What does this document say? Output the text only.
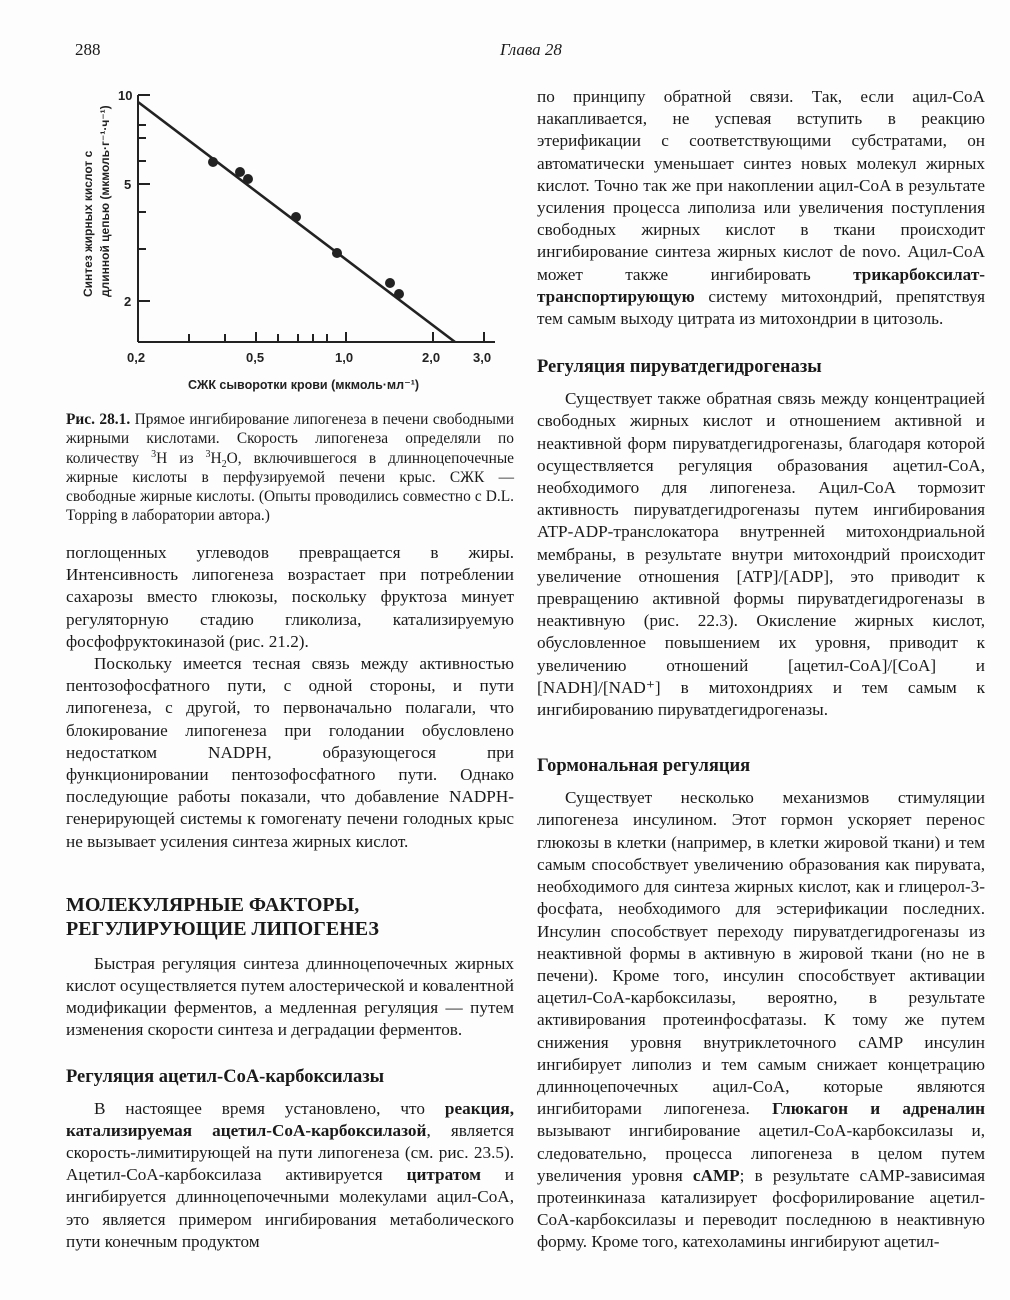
288	Глава 28
10
5
2
0,2	0,5	1,0	2,0	3,0
СЖК сыворотки крови (мкмоль·мл⁻¹)
Синтез жирных кислот с длинной цепью (мкмоль·г⁻¹·ч⁻¹)
Рис. 28.1. Прямое ингибирование липогенеза в печени свободными жирными кислотами. Скорость липогенеза определяли по количеству $^3$H из $^3H_2O$, включившегося в длинноцепочечные жирные кислоты в перфузируемой печени крыс. СЖК — свободные жирные кислоты. (Опыты проводились совместно с D.L. Topping в лаборатории автора.)

поглощенных углеводов превращается в жиры. Интенсивность липогенеза возрастает при потреблении сахарозы вместо глюкозы, поскольку фруктоза минует регуляторную стадию гликолиза, катализируемую фосфофруктокиназой (рис. 21.2).

Поскольку имеется тесная связь между активностью пентозофосфатного пути, с одной стороны, и пути липогенеза, с другой, то первоначально полагали, что блокирование липогенеза при голодании обусловлено недостатком NADPH, образующегося при функционировании пентозофосфатного пути. Однако последующие работы показали, что добавление NADPH-генерирующей системы к гомогенату печени голодных крыс не вызывает усиления синтеза жирных кислот.

МОЛЕКУЛЯРНЫЕ ФАКТОРЫ,

РЕГУЛИРУЮЩИЕ ЛИПОГЕНЕЗ

Быстрая регуляция синтеза длинноцепочечных жирных кислот осуществляется путем алостерической и ковалентной модификации ферментов, а медленная регуляция — путем изменения скорости синтеза и деградации ферментов.

Регуляция ацетил-CoA-карбоксилазы

В настоящее время установлено, что реакция, катализируемая ацетил-CoA-карбоксилазой, является скорость-лимитирующей на пути липогенеза (см. рис. 23.5). Ацетил-CoA-карбоксилаза активируется цитратом и ингибируется длинноцепочечными молекулами ацил-CoA, это является примером ингибирования метаболического пути конечным продуктом

по принципу обратной связи. Так, если ацил-CoA накапливается, не успевая вступить в реакцию этерификации с соответствующими субстратами, он автоматически уменьшает синтез новых молекул жирных кислот. Точно так же при накоплении ацил-CoA в результате усиления процесса липолиза или увеличения поступления свободных жирных кислот в ткани происходит ингибирование синтеза жирных кислот de novo. Ацил-CoA может также ингибировать трикарбоксилат-транспортирующую систему митохондрий, препятствуя тем самым выходу цитрата из митохондрии в цитозоль.

Регуляция пируватдегидрогеназы

Существует также обратная связь между концентрацией свободных жирных кислот и отношением активной и неактивной форм пируватдегидрогеназы, благодаря которой осуществляется регуляция образования ацетил-CoA, необходимого для липогенеза. Ацил-CoA тормозит активность пируватдегидрогеназы путем ингибирования ATP-ADP-транслокатора внутренней митохондриальной мембраны, в результате внутри митохондрий происходит увеличение отношения [ATP]/[ADP], это приводит к превращению активной формы пируватдегидрогеназы в неактивную (рис. 22.3). Окисление жирных кислот, обусловленное повышением их уровня, приводит к увеличению отношений [ацетил-CoA]/[CoA] и [NADH]/[NAD⁺] в митохондриях и тем самым к ингибированию пируватдегидрогеназы.

Гормональная регуляция

Существует несколько механизмов стимуляции липогенеза инсулином. Этот гормон ускоряет перенос глюкозы в клетки (например, в клетки жировой ткани) и тем самым способствует увеличению образования как пирувата, необходимого для синтеза жирных кислот, как и глицерол-3-фосфата, необходимого для эстерификации последних. Инсулин способствует переходу пируватдегидрогеназы из неактивной формы в активную в жировой ткани (но не в печени). Кроме того, инсулин способствует активации ацетил-CoA-карбоксилазы, вероятно, в результате активирования протеинфосфатазы. К тому же путем снижения уровня внутриклеточного cAMP инсулин ингибирует липолиз и тем самым снижает концетрацию длинноцепочечных ацил-CoA, которые являются ингибиторами липогенеза. Глюкагон и адреналин вызывают ингибирование ацетил-CoA-карбоксилазы и, следовательно, процесса липогенеза в целом путем увеличения уровня cAMP; в результате cAMP-зависимая протеинкиназа катализирует фосфорилирование ацетил-CoA-карбоксилазы и переводит последнюю в неактивную форму. Кроме того, катехоламины ингибируют ацетил-
